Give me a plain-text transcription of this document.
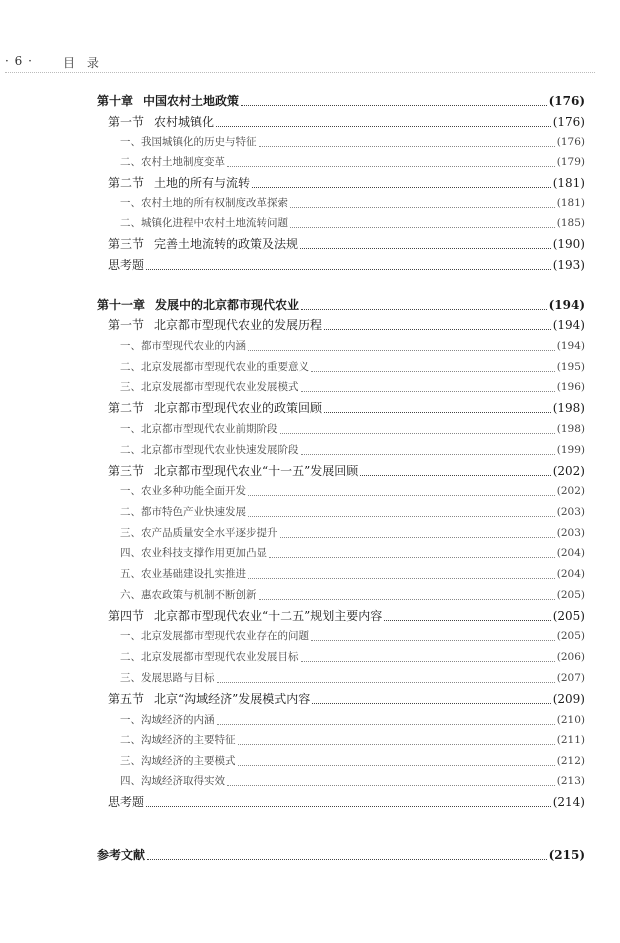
· 6 ·	目 录
第十章 中国农村土地政策	(176)
第一节 农村城镇化	(176)
一、我国城镇化的历史与特征	(176)
二、农村土地制度变革	(179)
第二节 土地的所有与流转	(181)
一、农村土地的所有权制度改革探索	(181)
二、城镇化进程中农村土地流转问题	(185)
第三节 完善土地流转的政策及法规	(190)
思考题	(193)
第十一章 发展中的北京都市现代农业	(194)
第一节 北京都市型现代农业的发展历程	(194)
一、都市型现代农业的内涵	(194)
二、北京发展都市型现代农业的重要意义	(195)
三、北京发展都市型现代农业发展模式	(196)
第二节 北京都市型现代农业的政策回顾	(198)
一、北京都市型现代农业前期阶段	(198)
二、北京都市型现代农业快速发展阶段	(199)
第三节 北京都市型现代农业“十一五”发展回顾	(202)
一、农业多种功能全面开发	(202)
二、都市特色产业快速发展	(203)
三、农产品质量安全水平逐步提升	(203)
四、农业科技支撑作用更加凸显	(204)
五、农业基础建设扎实推进	(204)
六、惠农政策与机制不断创新	(205)
第四节 北京都市型现代农业“十二五”规划主要内容	(205)
一、北京发展都市型现代农业存在的问题	(205)
二、北京发展都市型现代农业发展目标	(206)
三、发展思路与目标	(207)
第五节 北京“沟域经济”发展模式内容	(209)
一、沟域经济的内涵	(210)
二、沟域经济的主要特征	(211)
三、沟域经济的主要模式	(212)
四、沟域经济取得实效	(213)
思考题	(214)
参考文献	(215)
